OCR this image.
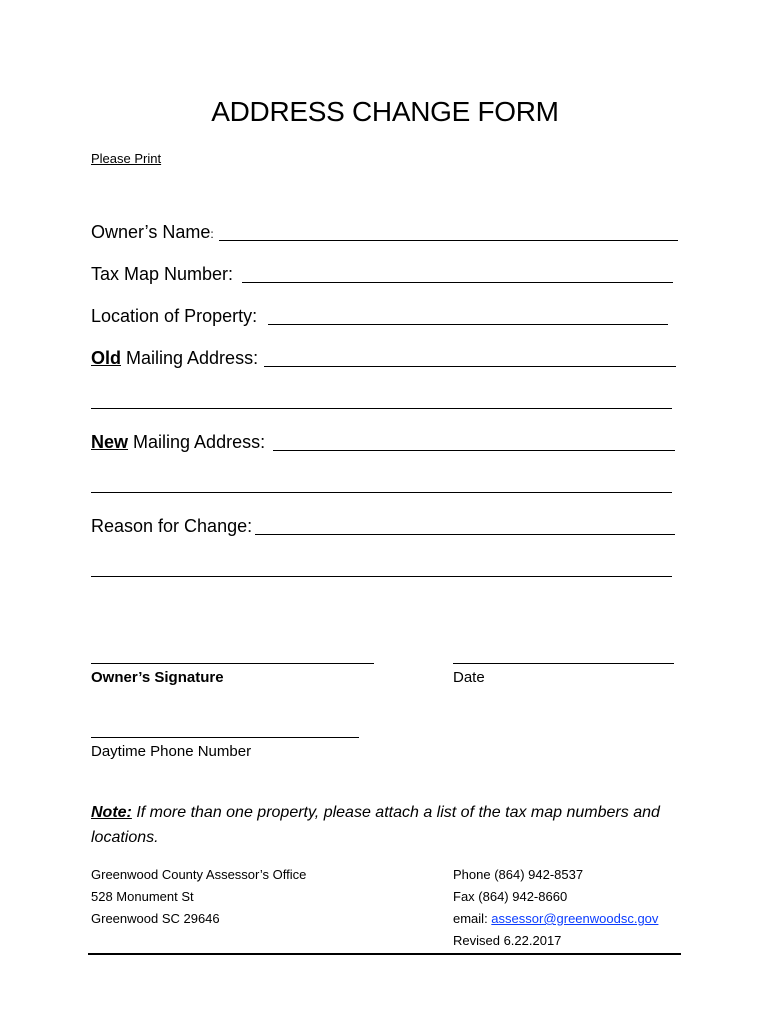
ADDRESS CHANGE FORM
Please Print
Owner’s Name:
Tax Map Number:
Location of Property:
Old Mailing Address:
New Mailing Address:
Reason for Change:
Owner’s Signature	Date
Daytime Phone Number
Note: If more than one property, please attach a list of the tax map numbers and locations.
Greenwood County Assessor’s Office
528 Monument St
Greenwood SC 29646
Phone (864) 942-8537
Fax (864) 942-8660
email: assessor@greenwoodsc.gov
Revised 6.22.2017
